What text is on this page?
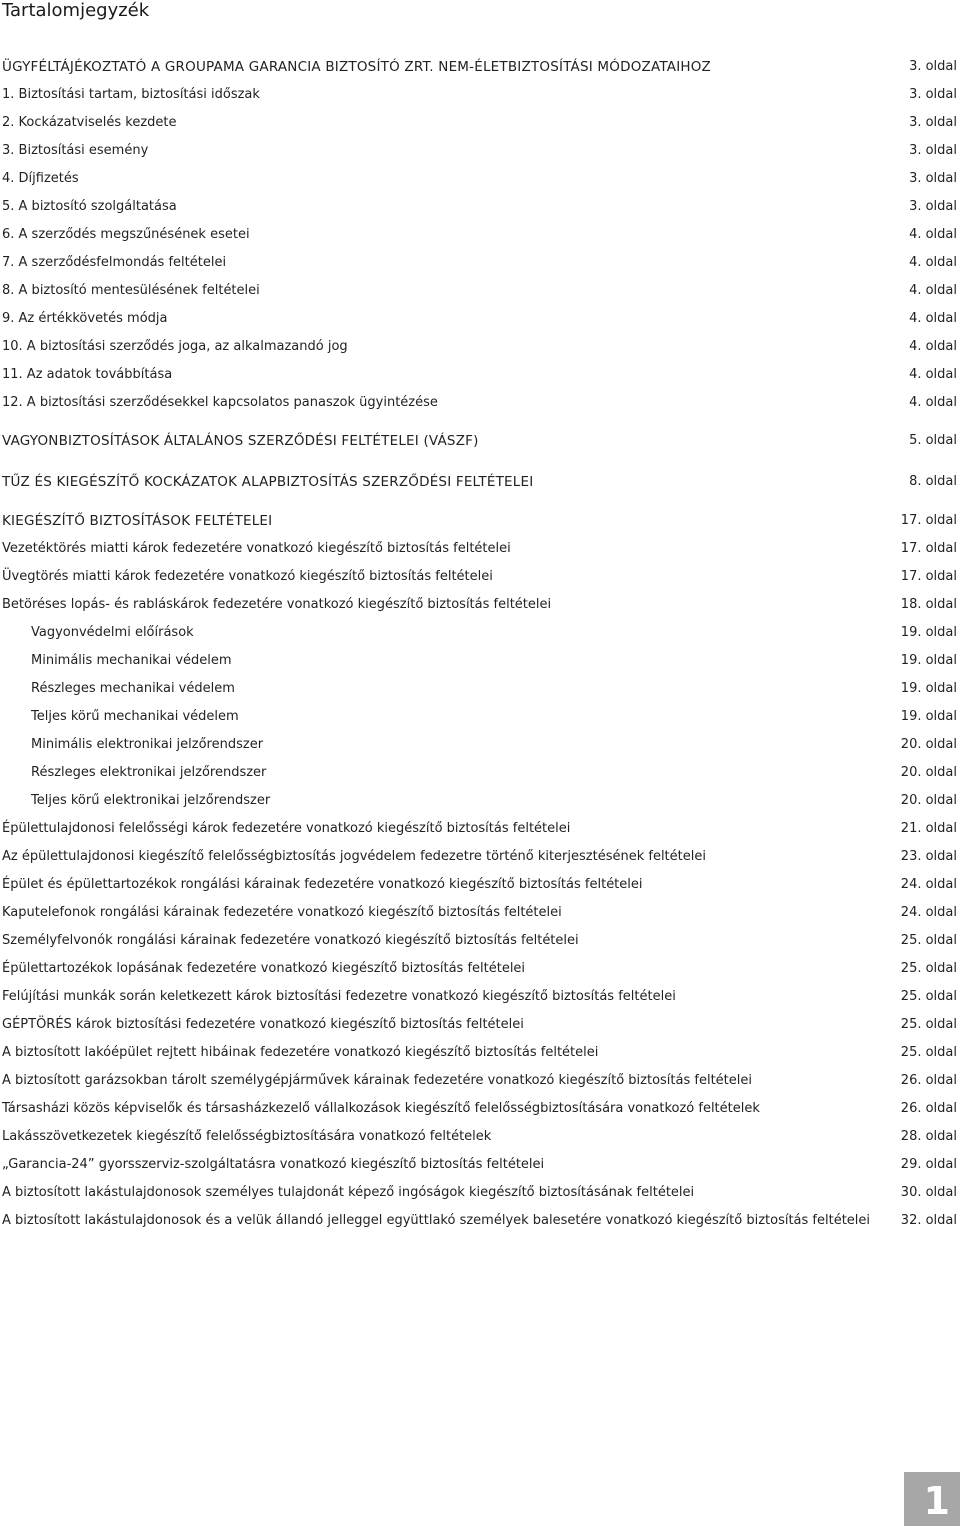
Tartalomjegyzék
ÜGYFÉLTÁJÉKOZTATÓ A GROUPAMA GARANCIA BIZTOSÍTÓ ZRT. NEM-ÉLETBIZTOSÍTÁSI MÓDOZATAIHOZ	3. oldal
1. Biztosítási tartam, biztosítási időszak	3. oldal
2. Kockázatviselés kezdete	3. oldal
3. Biztosítási esemény	3. oldal
4. Díjfizetés	3. oldal
5. A biztosító szolgáltatása	3. oldal
6. A szerződés megszűnésének esetei	4. oldal
7. A szerződésfelmondás feltételei	4. oldal
8. A biztosító mentesülésének feltételei	4. oldal
9. Az értékkövetés módja	4. oldal
10. A biztosítási szerződés joga, az alkalmazandó jog	4. oldal
11. Az adatok továbbítása	4. oldal
12. A biztosítási szerződésekkel kapcsolatos panaszok ügyintézése	4. oldal
VAGYONBIZTOSÍTÁSOK ÁLTALÁNOS SZERZŐDÉSI FELTÉTELEI (VÁSZF)	5. oldal
TŰZ ÉS KIEGÉSZÍTŐ KOCKÁZATOK ALAPBIZTOSÍTÁS SZERZŐDÉSI FELTÉTELEI	8. oldal
KIEGÉSZÍTŐ BIZTOSÍTÁSOK FELTÉTELEI	17. oldal
Vezetéktörés miatti károk fedezetére vonatkozó kiegészítő biztosítás feltételei	17. oldal
Üvegtörés miatti károk fedezetére vonatkozó kiegészítő biztosítás feltételei	17. oldal
Betöréses lopás- és rabláskárok fedezetére vonatkozó kiegészítő biztosítás feltételei	18. oldal
Vagyonvédelmi előírások	19. oldal
Minimális mechanikai védelem	19. oldal
Részleges mechanikai védelem	19. oldal
Teljes körű mechanikai védelem	19. oldal
Minimális elektronikai jelzőrendszer	20. oldal
Részleges elektronikai jelzőrendszer	20. oldal
Teljes körű elektronikai jelzőrendszer	20. oldal
Épülettulajdonosi felelősségi károk fedezetére vonatkozó kiegészítő biztosítás feltételei	21. oldal
Az épülettulajdonosi kiegészítő felelősségbiztosítás jogvédelem fedezetre történő kiterjesztésének feltételei	23. oldal
Épület és épülettartozékok rongálási kárainak fedezetére vonatkozó kiegészítő biztosítás feltételei	24. oldal
Kaputelefonok rongálási kárainak fedezetére vonatkozó kiegészítő biztosítás feltételei	24. oldal
Személyfelvonók rongálási kárainak fedezetére vonatkozó kiegészítő biztosítás feltételei	25. oldal
Épülettartozékok lopásának fedezetére vonatkozó kiegészítő biztosítás feltételei	25. oldal
Felújítási munkák során keletkezett károk biztosítási fedezetre vonatkozó kiegészítő biztosítás feltételei	25. oldal
GÉPTÖRÉS károk biztosítási fedezetére vonatkozó kiegészítő biztosítás feltételei	25. oldal
A biztosított lakóépület rejtett hibáinak fedezetére vonatkozó kiegészítő biztosítás feltételei	25. oldal
A biztosított garázsokban tárolt személygépjárművek kárainak fedezetére vonatkozó kiegészítő biztosítás feltételei	26. oldal
Társasházi közös képviselők és társasházkezelő vállalkozások kiegészítő felelősségbiztosítására vonatkozó feltételek	26. oldal
Lakásszövetkezetek kiegészítő felelősségbiztosítására vonatkozó feltételek	28. oldal
„Garancia-24” gyorsszerviz-szolgáltatásra vonatkozó kiegészítő biztosítás feltételei	29. oldal
A biztosított lakástulajdonosok személyes tulajdonát képező ingóságok kiegészítő biztosításának feltételei	30. oldal
A biztosított lakástulajdonosok és a velük állandó jelleggel együttlakó személyek balesetére vonatkozó kiegészítő biztosítás feltételei 32. oldal
1
